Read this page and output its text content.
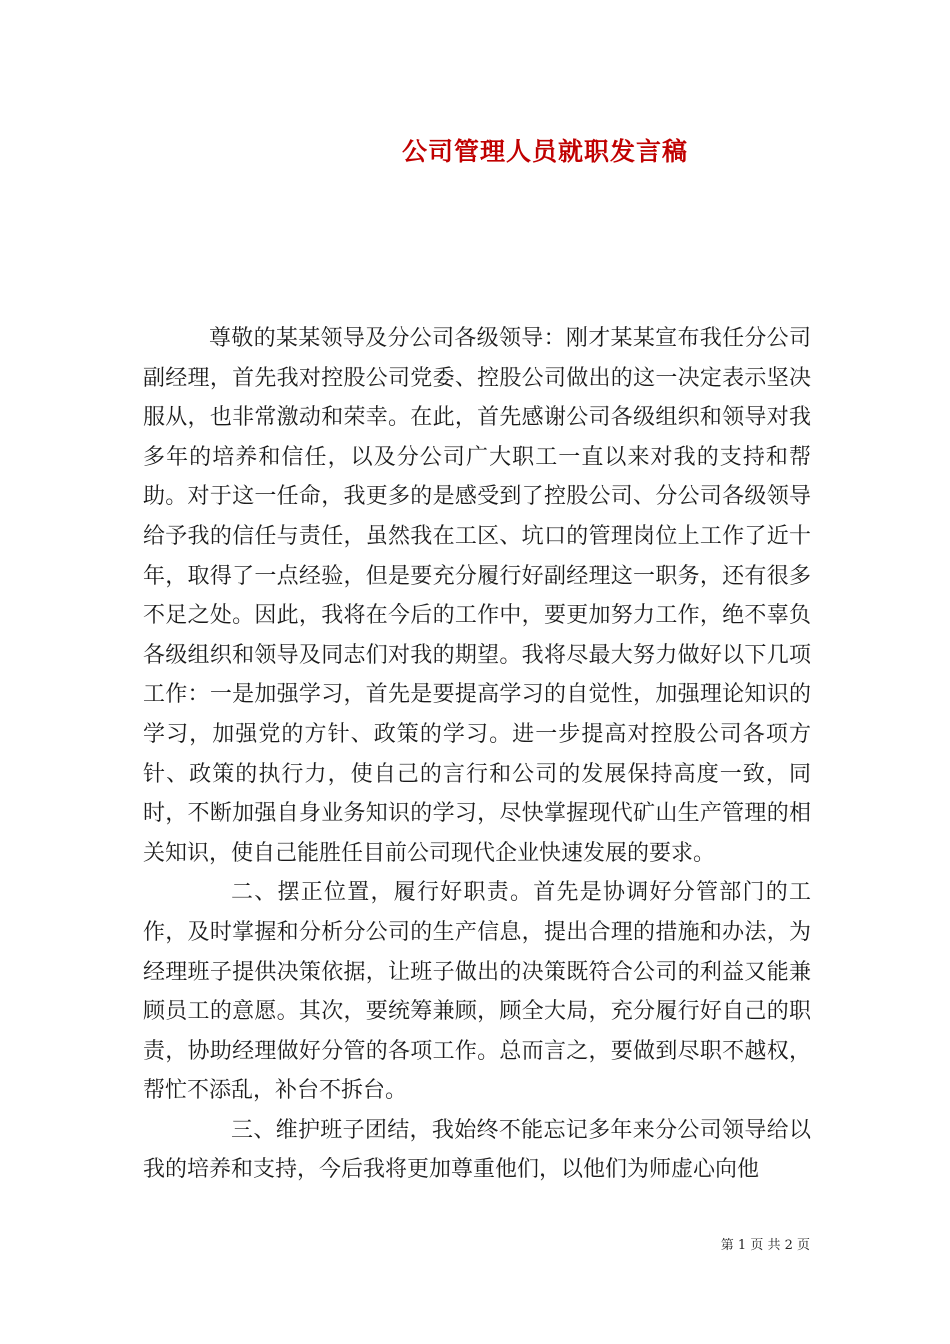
公司管理人员就职发言稿

尊敬的某某领导及分公司各级领导：刚才某某宣布我任分公司副经理，首先我对控股公司党委、控股公司做出的这一决定表示坚决服从，也非常激动和荣幸。在此，首先感谢公司各级组织和领导对我多年的培养和信任，以及分公司广大职工一直以来对我的支持和帮助。对于这一任命，我更多的是感受到了控股公司、分公司各级领导给予我的信任与责任，虽然我在工区、坑口的管理岗位上工作了近十年，取得了一点经验，但是要充分履行好副经理这一职务，还有很多不足之处。因此，我将在今后的工作中，要更加努力工作，绝不辜负各级组织和领导及同志们对我的期望。我将尽最大努力做好以下几项工作：一是加强学习，首先是要提高学习的自觉性，加强理论知识的学习，加强党的方针、政策的学习。进一步提高对控股公司各项方针、政策的执行力，使自己的言行和公司的发展保持高度一致，同时，不断加强自身业务知识的学习，尽快掌握现代矿山生产管理的相关知识，使自己能胜任目前公司现代企业快速发展的要求。

二、摆正位置，履行好职责。首先是协调好分管部门的工作，及时掌握和分析分公司的生产信息，提出合理的措施和办法，为经理班子提供决策依据，让班子做出的决策既符合公司的利益又能兼顾员工的意愿。其次，要统筹兼顾，顾全大局，充分履行好自己的职责，协助经理做好分管的各项工作。总而言之，要做到尽职不越权，帮忙不添乱，补台不拆台。

三、维护班子团结，我始终不能忘记多年来分公司领导给以我的培养和支持，今后我将更加尊重他们，以他们为师虚心向他

第 1 页 共 2 页
